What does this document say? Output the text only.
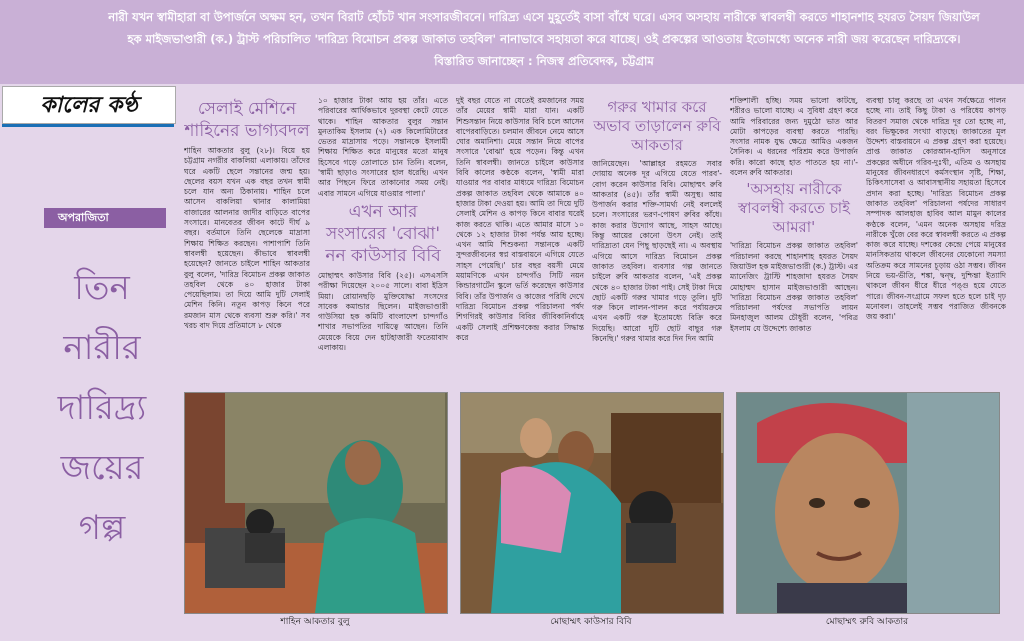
নারী যখন স্বামীহারা বা উপার্জনে অক্ষম হন, তখন বিরাট হোঁচট খান সংসারজীবনে। দারিদ্র্য এসে মুহূর্তেই বাসা বাঁধে ঘরে। এসব অসহায় নারীকে স্বাবলম্বী করতে শাহানশাহ হযরত সৈয়দ জিয়াউল হক মাইজভাণ্ডারী (ক.) ট্রাস্ট পরিচালিত 'দারিদ্র্য বিমোচন প্রকল্প জাকাত তহবিল' নানাভাবে সহায়তা করে যাচ্ছে। ওই প্রকল্পের আওতায় ইতোমধ্যে অনেক নারী জয় করেছেন দারিদ্র্যকে। বিস্তারিত জানাচ্ছেন : নিজস্ব প্রতিবেদক, চট্টগ্রাম
কালের কণ্ঠ
অপরাজিতা
তিন
নারীর
দারিদ্র্য
জয়ের
গল্প
সেলাই মেশিনে শাহিনের ভাগ্যবদল

শাহিন আকতার বুলু (২৮)। বিয়ে হয় চট্টগ্রাম নগরীর বাকলিয়া এলাকায়। তাঁদের ঘরে একটি ছেলে সন্তানের জন্ম হয়। ছেলের বয়স যখন এক বছর তখন স্বামী চলে যান অন্য ঠিকানায়। শাহিন চলে আসেন বাকলিয়া থানার কালামিয়া বাজারের আলনার জাদীর বাড়িতে বাপের সংসারে। মানবেতর জীবন কাটে দীর্ঘ ৯ বছর। বর্তমানে তিনি ছেলেকে মাদ্রাসা শিক্ষায় শিক্ষিত করছেন। পাশাপাশি তিনি স্বাবলম্বী হয়েছেন। কীভাবে স্বাবলম্বী হয়েছেন? জানতে চাইলে শাহিন আকতার বুলু বলেন, 'দারিদ্র বিমোচন প্রকল্প জাকাত তহবিল থেকে ৪০ হাজার টাকা পেয়েছিলাম। তা দিয়ে আমি দুটি সেলাই মেশিন কিনি। নতুন কাপড় কিনে পরে রমজান মাস থেকে ব্যবসা শুরু করি।' সব খরচ বাদ দিয়ে প্রতিমাসে ৮ থেকে

১০ হাজার টাকা আয় হয় তাঁর। এতে পরিবারের আর্থিকভাবে দুরবস্থা কেটে যেতে থাকে। শাহিন আকতার বুলুর সন্তান মুনতাকিম ইসলাম (৭) এক কিলোমিটারের ভেতর মাদ্রাসায় পড়ে। সন্তানকে ইসলামী শিক্ষায় শিক্ষিত করে মানুষের মতো মানুষ হিসেবে গড়ে তোলাতে চান তিনি। বলেন, 'স্বামী ছাড়াও সংসারের হাল ধরেছি। এখন আর পিছনে ফিরে তাকানোর সময় নেই। এবার সামনে এগিয়ে যাওয়ার পালা।'

এখন আর সংসারের 'বোঝা' নন কাউসার বিবি

মোছাম্মৎ কাউসার বিবি (২৫)। এসএসসি পরীক্ষা দিয়েছেন ২০০৫ সালে। বাবা ইদ্রিস মিয়া। রোয়ানছড়ি মুক্তিযোদ্ধা সংসদের সাবেক কমান্ডার ছিলেন। মাইজভাণ্ডারী গাউসিয়া হক কমিটি বাংলাদেশ চান্দগাঁও শাখার সভাপতির দায়িত্বে আছেন। তিনি মেয়েকে বিয়ে দেন হাটহাজারী ফতেয়াবাদ এলাকায়।

দুই বছর যেতে না যেতেই রমজানের সময় তাঁর মেয়ের স্বামী মারা যান। একটি শিশুসন্তান নিয়ে কাউসার বিবি চলে আসেন বাপেরবাড়িতে। চলমান জীবনে নেমে আসে ঘোর অমানিশা। মেয়ে সন্তান নিয়ে বাপের সংসারে 'বোঝা' হয়ে পড়েন। কিন্তু এখন তিনি স্বাবলম্বী। জানতে চাইলে কাউসার বিবি কালের কণ্ঠকে বলেন, 'স্বামী মারা যাওয়ার পর বাবার মাধ্যমে দারিদ্র্য বিমোচন প্রকল্প জাকাত তহবিল থেকে আমাকে ৪০ হাজার টাকা দেওয়া হয়। আমি তা দিয়ে দুটি সেলাই মেশিন ও কাপড় কিনে বাবার ঘরেই কাজ করতে থাকি। এতে আমার মাসে ১০ থেকে ১২ হাজার টাকা পর্যন্ত আয় হচ্ছে। এখন আমি শিশুকন্যা সন্তানকে একটি সুন্দরজীবনের স্বপ্ন বাস্তবায়নে এগিয়ে যেতে সাহস পেয়েছি।' চার বছর বয়সী মেয়ে ময়ামণিকে এখন চান্দগাঁও সিটি নয়ন কিন্ডারগার্টেন স্কুলে ভর্তি করেছেন কাউসার বিবি। তাঁর উপার্জন ও কাজের পরিধি দেখে দারিদ্র্য বিমোচন প্রকল্প পরিচালনা পর্ষদ শিগগিরই কাউসার বিবির জীবিকানির্বাহে একটি সেলাই প্রশিক্ষণকেন্দ্র করার সিদ্ধান্ত করে

গরুর খামার করে অভাব তাড়ালেন রুবি আকতার

জানিয়েছেন। 'আল্লাহর রহমতে সবার দোয়ায় অনেক দূর এগিয়ে যেতে পারব'-বোগ করেন কাউসার বিবি। মোছাম্মৎ রুবি আকতার (৪৫)। তাঁর স্বামী অসুস্থ। আয় উপার্জন করার শক্তি-সামর্থ্য নেই বললেই চলে। সংসারের ভরণ-পোষণ রুবির কাঁধে। কাজ করার উদ্যোগ আছে, সাহস আছে। কিন্তু আয়ের কোনো উৎস নেই। তাই দারিদ্র্যতা যেন পিছু ছাড়ছেই না। এ অবস্থায় এগিয়ে আসে দারিদ্র্য বিমোচন প্রকল্প জাকাত তহবিল। ব্যবসার গল্প জানতে চাইলে রুবি আকতার বলেন, 'এই প্রকল্প থেকে ৪০ হাজার টাকা পাই। সেই টাকা দিয়ে ছোট একটি গরুর খামার গড়ে তুলি। দুটি গরু কিনে লালন-পালন করে পর্যায়ক্রমে এখন একটি গরু ইতোমধ্যে বিক্রি করে দিয়েছি। আরো দুটি ছোট বাছুর গরু কিনেছি।' গরুর খামার করে দিন দিন আমি

শক্তিশালী হচ্ছি। সময় ভালো কাটছে, শরীরও ভালো যাচ্ছে। এ সুবিধা গ্রহণ করে আমি পরিবারের জন্য দুমুঠো ভাত আর মোটা কাপড়ের ব্যবস্থা করতে পারছি। সংসার নামক যুদ্ধ ক্ষেত্রে আমিও একজন সৈনিক। এ ধরনের পরিশ্রম করে উপার্জন করি। কারো কাছে হাত পাততে হয় না।'-বলেন রুবি আকতার।

'অসহায় নারীকে স্বাবলম্বী করতে চাই আমরা'

'দারিদ্র্য বিমোচন প্রকল্প জাকাত তহবিল' পরিচালনা করছে শাহানশাহ হযরত সৈয়দ জিয়াউল হক মাইজভাণ্ডারী (ক.) ট্রাস্ট। এর ম্যানেজিং ট্রাস্টি শাহজাদা হযরত সৈয়দ মোহাম্মদ হাসান মাইজভাণ্ডারী আছেন। 'দারিদ্র্য বিমোচন প্রকল্প জাকাত তহবিল' পরিচালনা পর্ষদের সভাপতি লায়ন মিনহাজুল আলম চৌধুরী বলেন, 'পবিত্র ইসলাম যে উদ্দেশ্যে জাকাত

ব্যবস্থা চালু করছে তা এখন সর্বক্ষেত্রে পালন হচ্ছে না। তাই কিছু টাকা ও পরিধেয় কাপড় বিতরণ সমাজ থেকে দারিদ্র দূর তো হচ্ছে না, বরং ভিক্ষুকের সংখ্যা বাড়ছে। জাকাতের মূল উদ্দেশ্য বাস্তবায়নে এ প্রকল্প গ্রহণ করা হয়েছে। প্রাপ্ত জাকাত কোরআন-হাদিস অনুসারে প্রকল্পের অধীনে গরিব-দুঃখী, এতিম ও অসহায় মানুষের জীবনধারণে কর্মসংস্থান সৃষ্টি, শিক্ষা, চিকিৎসাসেবা ও আবাসস্থানীয় সহায়তা হিসেবে প্রদান করা হচ্ছে। 'দারিদ্র্য বিমোচন প্রকল্প জাকাত তহবিল' পরিচালনা পর্ষদের সাধারণ সম্পাদক আলহাজ হাবিব আল মামুন কালের কণ্ঠকে বলেন, 'এমন অনেক অসহায় দরিদ্র নারীকে খুঁজে বের করে স্বাবলম্বী করতে এ প্রকল্প কাজ করে যাচ্ছে। দশকের কেন্দ্রে পেয়ে মানুষের মানসিকতায় থাকলে জীবনের যেকোনো সমস্যা অতিক্রম করে সামনের চূড়ায় ওঠা সম্ভব। জীবন নিয়ে ভয়-ভীতি, শঙ্কা, দ্বন্দ্ব, দুশ্চিন্তা ইত্যাদি থাকলে জীবন ধীরে ধীরে পঙ্গু হয়ে যেতে পারে। জীবন-সংগ্রামে সফল হতে হলে চাই দৃঢ় মনোবল। তাহলেই সম্ভব পরাজিত জীবনকে জয় করা।'

শাহিন আকতার বুলু	মোছাম্মৎ কাউসার বিবি	মোছাম্মৎ রুবি আকতার
